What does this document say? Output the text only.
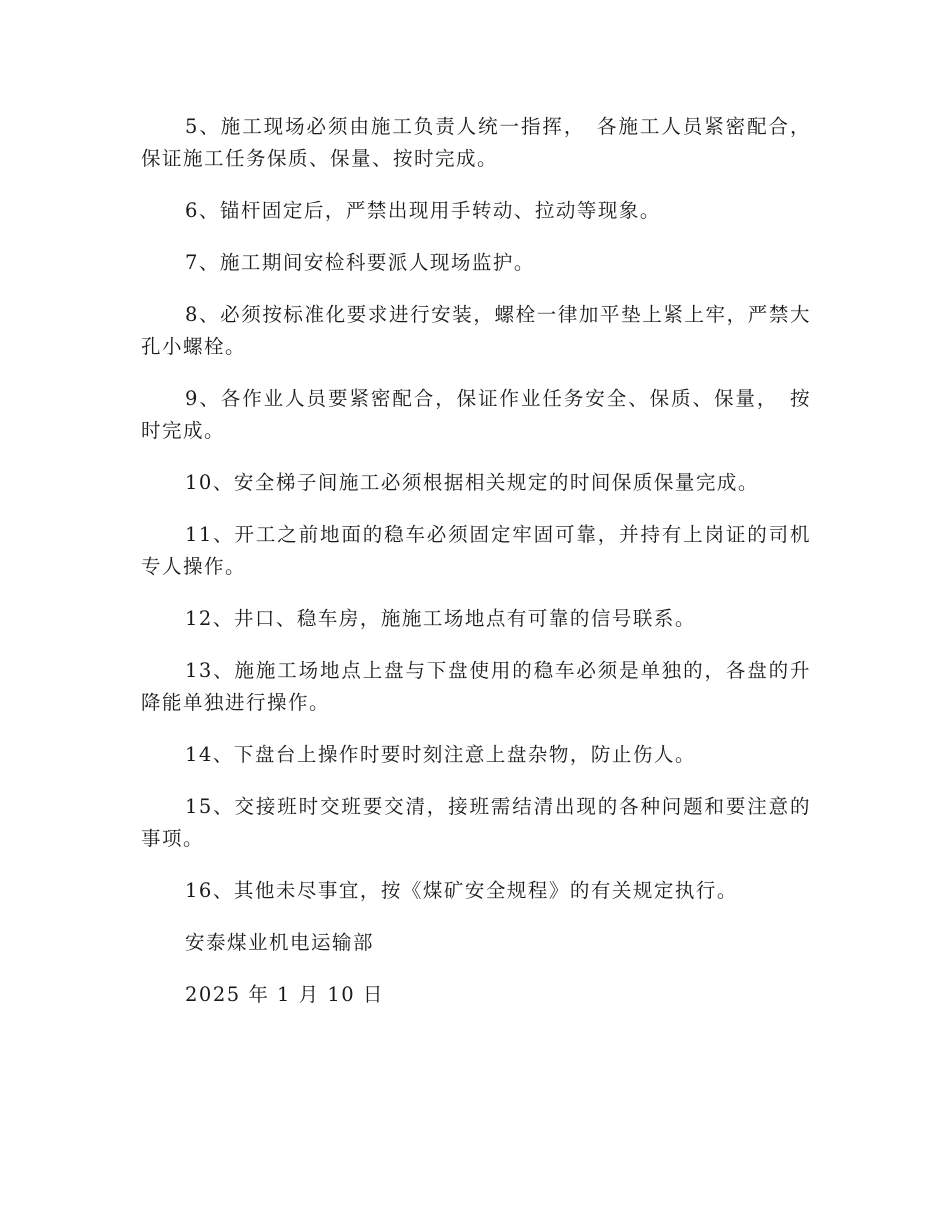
5、施工现场必须由施工负责人统一指挥，　各施工人员紧密配合，保证施工任务保质、保量、按时完成。

6、锚杆固定后，严禁出现用手转动、拉动等现象。

7、施工期间安检科要派人现场监护。

8、必须按标准化要求进行安装，螺栓一律加平垫上紧上牢，严禁大孔小螺栓。

9、各作业人员要紧密配合，保证作业任务安全、保质、保量，　按时完成。

10、安全梯子间施工必须根据相关规定的时间保质保量完成。

11、开工之前地面的稳车必须固定牢固可靠，并持有上岗证的司机专人操作。

12、井口、稳车房，施施工场地点有可靠的信号联系。

13、施施工场地点上盘与下盘使用的稳车必须是单独的，各盘的升降能单独进行操作。

14、下盘台上操作时要时刻注意上盘杂物，防止伤人。

15、交接班时交班要交清，接班需结清出现的各种问题和要注意的事项。

16、其他未尽事宜，按《煤矿安全规程》的有关规定执行。

安泰煤业机电运输部

2025 年 1 月 10 日
